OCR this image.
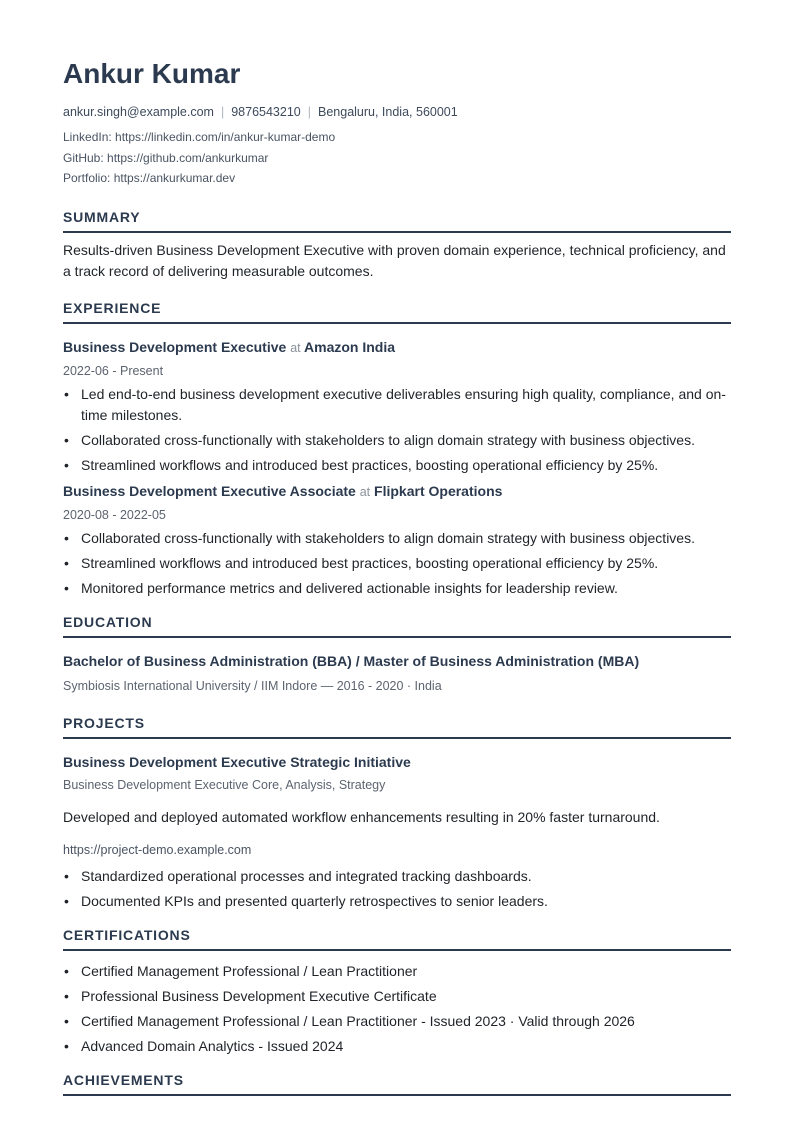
Ankur Kumar
ankur.singh@example.com | 9876543210 | Bengaluru, India, 560001
LinkedIn: https://linkedin.com/in/ankur-kumar-demo
GitHub: https://github.com/ankurkumar
Portfolio: https://ankurkumar.dev
SUMMARY
Results-driven Business Development Executive with proven domain experience, technical proficiency, and a track record of delivering measurable outcomes.
EXPERIENCE
Business Development Executive at Amazon India
2022-06 - Present
• Led end-to-end business development executive deliverables ensuring high quality, compliance, and on-time milestones.
• Collaborated cross-functionally with stakeholders to align domain strategy with business objectives.
• Streamlined workflows and introduced best practices, boosting operational efficiency by 25%.
Business Development Executive Associate at Flipkart Operations
2020-08 - 2022-05
• Collaborated cross-functionally with stakeholders to align domain strategy with business objectives.
• Streamlined workflows and introduced best practices, boosting operational efficiency by 25%.
• Monitored performance metrics and delivered actionable insights for leadership review.
EDUCATION
Bachelor of Business Administration (BBA) / Master of Business Administration (MBA)
Symbiosis International University / IIM Indore — 2016 - 2020 · India
PROJECTS
Business Development Executive Strategic Initiative
Business Development Executive Core, Analysis, Strategy
Developed and deployed automated workflow enhancements resulting in 20% faster turnaround.
https://project-demo.example.com
• Standardized operational processes and integrated tracking dashboards.
• Documented KPIs and presented quarterly retrospectives to senior leaders.
CERTIFICATIONS
• Certified Management Professional / Lean Practitioner
• Professional Business Development Executive Certificate
• Certified Management Professional / Lean Practitioner - Issued 2023 · Valid through 2026
• Advanced Domain Analytics - Issued 2024
ACHIEVEMENTS
